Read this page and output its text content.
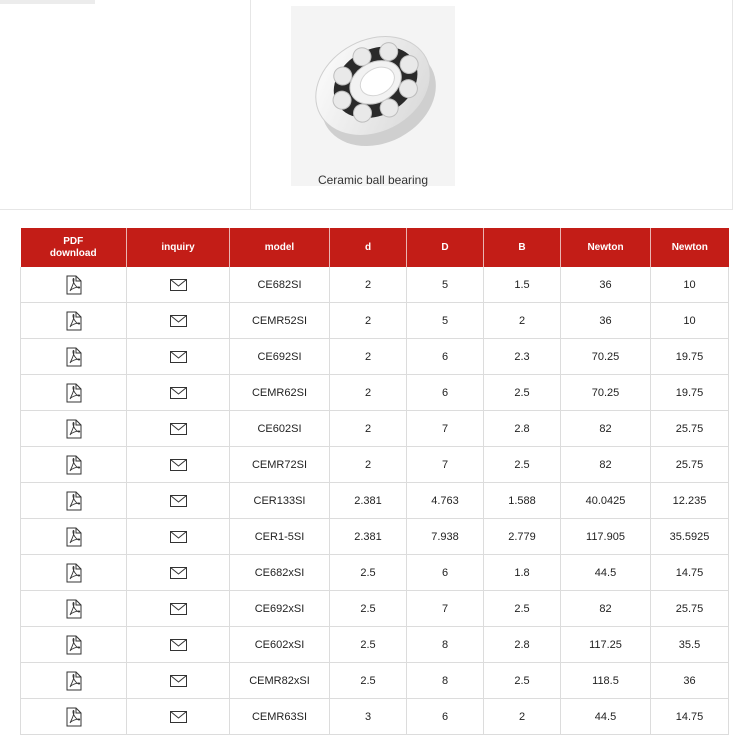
Ceramic ball bearing
PDF download	inquiry	model	d	D	B	Newton	Newton
		CE682SI	2	5	1.5	36	10
		CEMR52SI	2	5	2	36	10
		CE692SI	2	6	2.3	70.25	19.75
		CEMR62SI	2	6	2.5	70.25	19.75
		CE602SI	2	7	2.8	82	25.75
		CEMR72SI	2	7	2.5	82	25.75
		CER133SI	2.381	4.763	1.588	40.0425	12.235
		CER1-5SI	2.381	7.938	2.779	117.905	35.5925
		CE682xSI	2.5	6	1.8	44.5	14.75
		CE692xSI	2.5	7	2.5	82	25.75
		CE602xSI	2.5	8	2.8	117.25	35.5
		CEMR82xSI	2.5	8	2.5	118.5	36
		CEMR63SI	3	6	2	44.5	14.75
